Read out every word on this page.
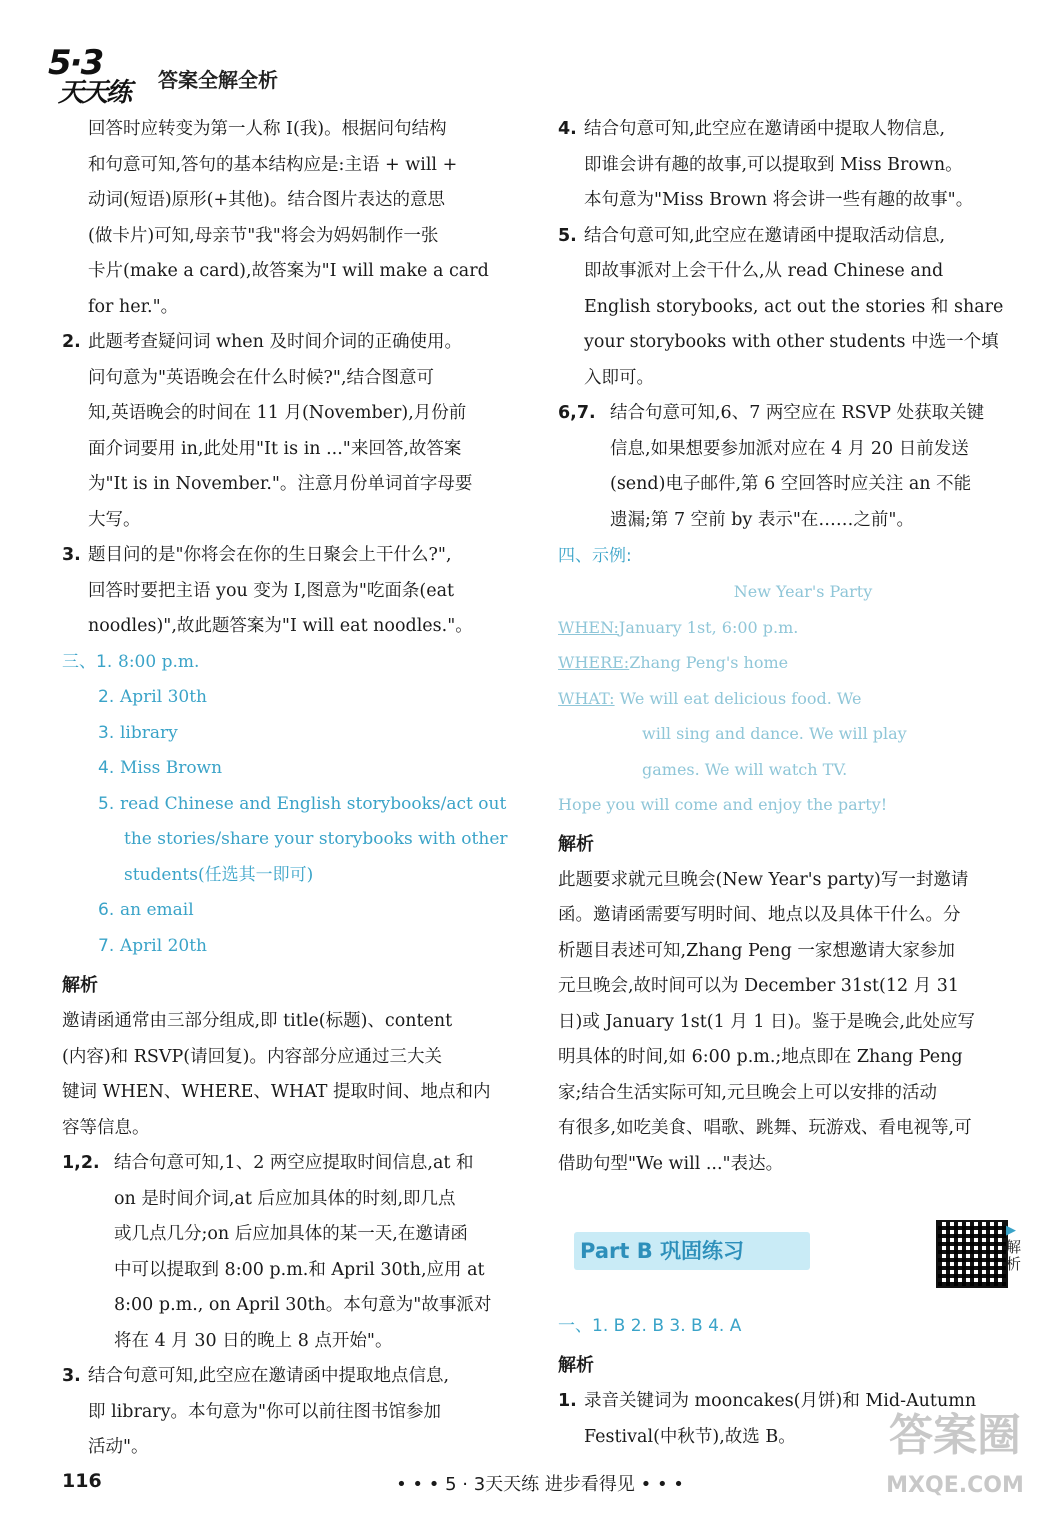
5·3
天天练 答案全解全析

回答时应转变为第一人称 I(我)。根据问句结构

和句意可知,答句的基本结构应是:主语 + will +

动词(短语)原形(+其他)。结合图片表达的意思

(做卡片)可知,母亲节"我"将会为妈妈制作一张

卡片(make a card),故答案为"I will make a card

for her."。

2. 此题考查疑问词 when 及时间介词的正确使用。

问句意为"英语晚会在什么时候?",结合图意可

知,英语晚会的时间在 11 月(November),月份前

面介词要用 in,此处用"It is in ..."来回答,故答案

为"It is in November."。注意月份单词首字母要

大写。

3. 题目问的是"你将会在你的生日聚会上干什么?",

回答时要把主语 you 变为 I,图意为"吃面条(eat

noodles)",故此题答案为"I will eat noodles."。

三、1. 8:00 p.m.
2. April 30th
3. library
4. Miss Brown
5. read Chinese and English storybooks/act out
the stories/share your storybooks with other
students(任选其一即可)
6. an email
7. April 20th
解析

邀请函通常由三部分组成,即 title(标题)、content

(内容)和 RSVP(请回复)。内容部分应通过三大关

键词 WHEN、WHERE、WHAT 提取时间、地点和内

容等信息。

1,2. 结合句意可知,1、2 两空应提取时间信息,at 和

on 是时间介词,at 后应加具体的时刻,即几点

或几点几分;on 后应加具体的某一天,在邀请函

中可以提取到 8:00 p.m.和 April 30th,应用 at

8:00 p.m., on April 30th。本句意为"故事派对

将在 4 月 30 日的晚上 8 点开始"。

3. 结合句意可知,此空应在邀请函中提取地点信息,

即 library。本句意为"你可以前往图书馆参加

活动"。

4. 结合句意可知,此空应在邀请函中提取人物信息,

即谁会讲有趣的故事,可以提取到 Miss Brown。

本句意为"Miss Brown 将会讲一些有趣的故事"。

5. 结合句意可知,此空应在邀请函中提取活动信息,

即故事派对上会干什么,从 read Chinese and

English storybooks, act out the stories 和 share

your storybooks with other students 中选一个填

入即可。

6,7. 结合句意可知,6、7 两空应在 RSVP 处获取关键

信息,如果想要参加派对应在 4 月 20 日前发送

(send)电子邮件,第 6 空回答时应关注 an 不能

遗漏;第 7 空前 by 表示"在……之前"。

四、示例:
New Year's Party
WHEN:January 1st, 6:00 p.m.
WHERE:Zhang Peng's home
WHAT: We will eat delicious food. We
will sing and dance. We will play
games. We will watch TV.
Hope you will come and enjoy the party!
解析

此题要求就元旦晚会(New Year's party)写一封邀请

函。邀请函需要写明时间、地点以及具体干什么。分

析题目表述可知,Zhang Peng 一家想邀请大家参加

元旦晚会,故时间可以为 December 31st(12 月 31

日)或 January 1st(1 月 1 日)。鉴于是晚会,此处应写

明具体的时间,如 6:00 p.m.;地点即在 Zhang Peng

家;结合生活实际可知,元旦晚会上可以安排的活动

有很多,如吃美食、唱歌、跳舞、玩游戏、看电视等,可

借助句型"We will ..."表达。

Part B 巩固练习
▶
解析
一、1. B 2. B 3. B 4. A
解析
1. 录音关键词为 mooncakes(月饼)和 Mid-Autumn

Festival(中秋节),故选 B。

116	• • • 5 · 3天天练 进步看得见 • • •
答案圈
MXQE.COM
